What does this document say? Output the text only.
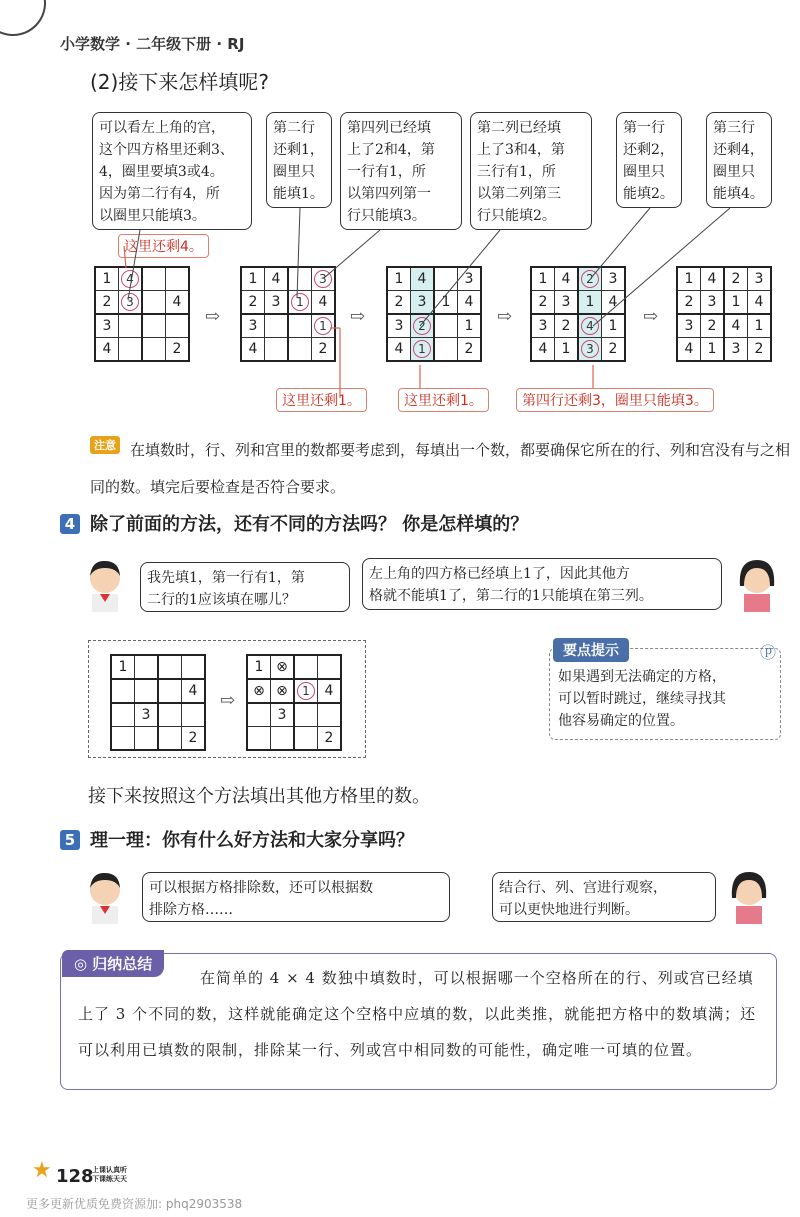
小学数学 · 二年级下册 · RJ
(2)接下来怎样填呢?
可以看左上角的宫，
这个四方格里还剩3、
4，圈里要填3或4。
因为第二行有4，所
以圈里只能填3。
第二行
还剩1，
圈里只
能填1。
第四列已经填
上了2和4，第
一行有1，所
以第四列第一
行只能填3。
第二列已经填
上了3和4，第
三行有1，所
以第二列第三
行只能填2。
第一行
还剩2，
圈里只
能填2。
第三行
还剩4，
圈里只
能填4。
这里还剩4。
1	4		
2	3		4
3			
4			2
1	4		3
2	3	1	4
3			1
4			2
1	4		3
2	3	1	4
3	2		1
4	1		2
1	4	2	3
2	3	1	4
3	2	4	1
4	1	3	2
1	4	2	3
2	3	1	4
3	2	4	1
4	1	3	2
⇨	⇨	⇨	⇨
这里还剩1。	这里还剩1。	第四行还剩3，圈里只能填3。
在填数时，行、列和宫里的数都要考虑到，每填出一个数，都要确保它所在的行、列和宫没有与之相同的数。填完后要检查是否符合要求。
注意
4 除了前面的方法，还有不同的方法吗？ 你是怎样填的？
我先填1，第一行有1，第
二行的1应该填在哪儿？
左上角的四方格已经填上1了，因此其他方
格就不能填1了，第二行的1只能填在第三列。
1			
			4
	3		
			2
⇨
1	⊗		
⊗	⊗	1	4
	3		
			2
要点提示	ⓟ
如果遇到无法确定的方格，
可以暂时跳过，继续寻找其
他容易确定的位置。
接下来按照这个方法填出其他方格里的数。
5 理一理：你有什么好方法和大家分享吗？
可以根据方格排除数，还可以根据数
排除方格……
结合行、列、宫进行观察，
可以更快地进行判断。
◎ 归纳总结
在简单的 4 × 4 数独中填数时，可以根据哪一个空格所在的行、列或宫已经填上了 3 个不同的数，这样就能确定这个空格中应填的数，以此类推，就能把方格中的数填满；还可以利用已填数的限制，排除某一行、列或宫中相同数的可能性，确定唯一可填的位置。
★ 128
上课认真听
下课练天天
更多更新优质免费资源加: phq2903538
